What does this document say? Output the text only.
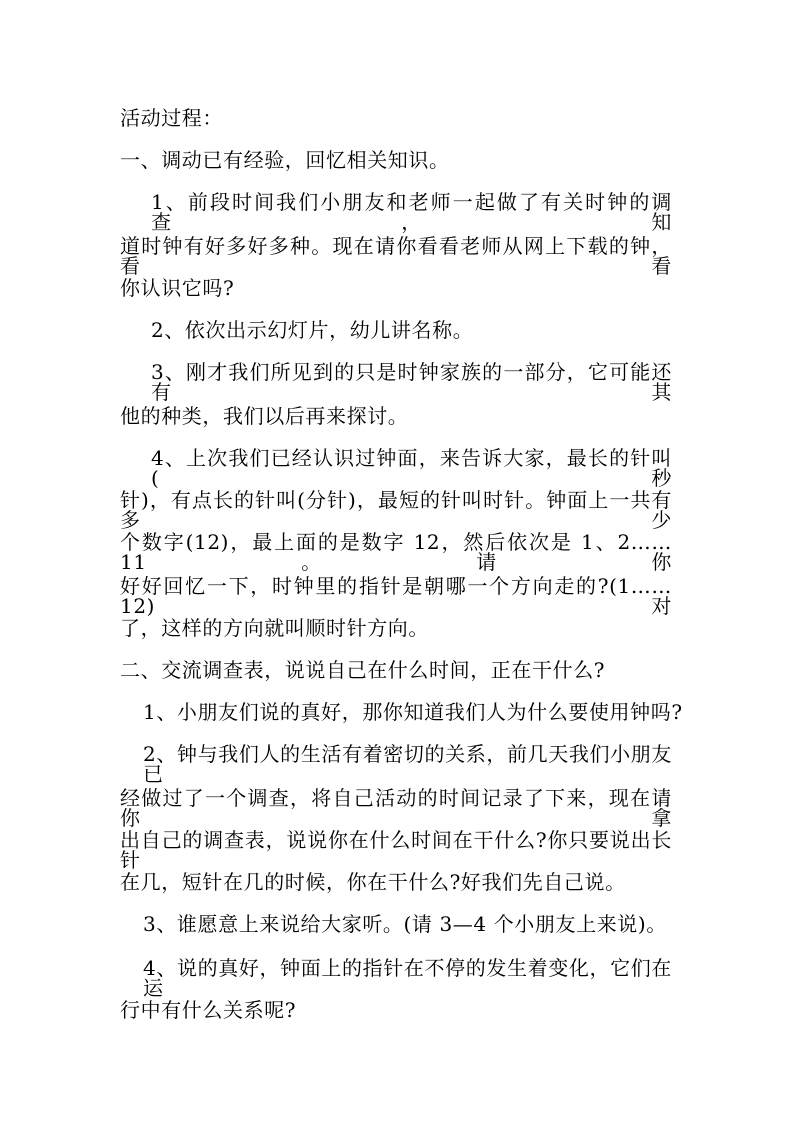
活动过程：
一、调动已有经验，回忆相关知识。
1、前段时间我们小朋友和老师一起做了有关时钟的调查，知
道时钟有好多好多种。现在请你看看老师从网上下载的钟，看看
你认识它吗?
2、依次出示幻灯片，幼儿讲名称。
3、刚才我们所见到的只是时钟家族的一部分，它可能还有其
他的种类，我们以后再来探讨。
4、上次我们已经认识过钟面，来告诉大家，最长的针叫(秒
针)，有点长的针叫(分针)，最短的针叫时针。钟面上一共有多少
个数字(12)，最上面的是数字 12，然后依次是 1、2……11。请你
好好回忆一下，时钟里的指针是朝哪一个方向走的?(1……12)对
了，这样的方向就叫顺时针方向。
二、交流调查表，说说自己在什么时间，正在干什么?
1、小朋友们说的真好，那你知道我们人为什么要使用钟吗?
2、钟与我们人的生活有着密切的关系，前几天我们小朋友已
经做过了一个调查，将自己活动的时间记录了下来，现在请你拿
出自己的调查表，说说你在什么时间在干什么?你只要说出长针
在几，短针在几的时候，你在干什么?好我们先自己说。
3、谁愿意上来说给大家听。(请 3—4 个小朋友上来说)。
4、说的真好，钟面上的指针在不停的发生着变化，它们在运
行中有什么关系呢?
